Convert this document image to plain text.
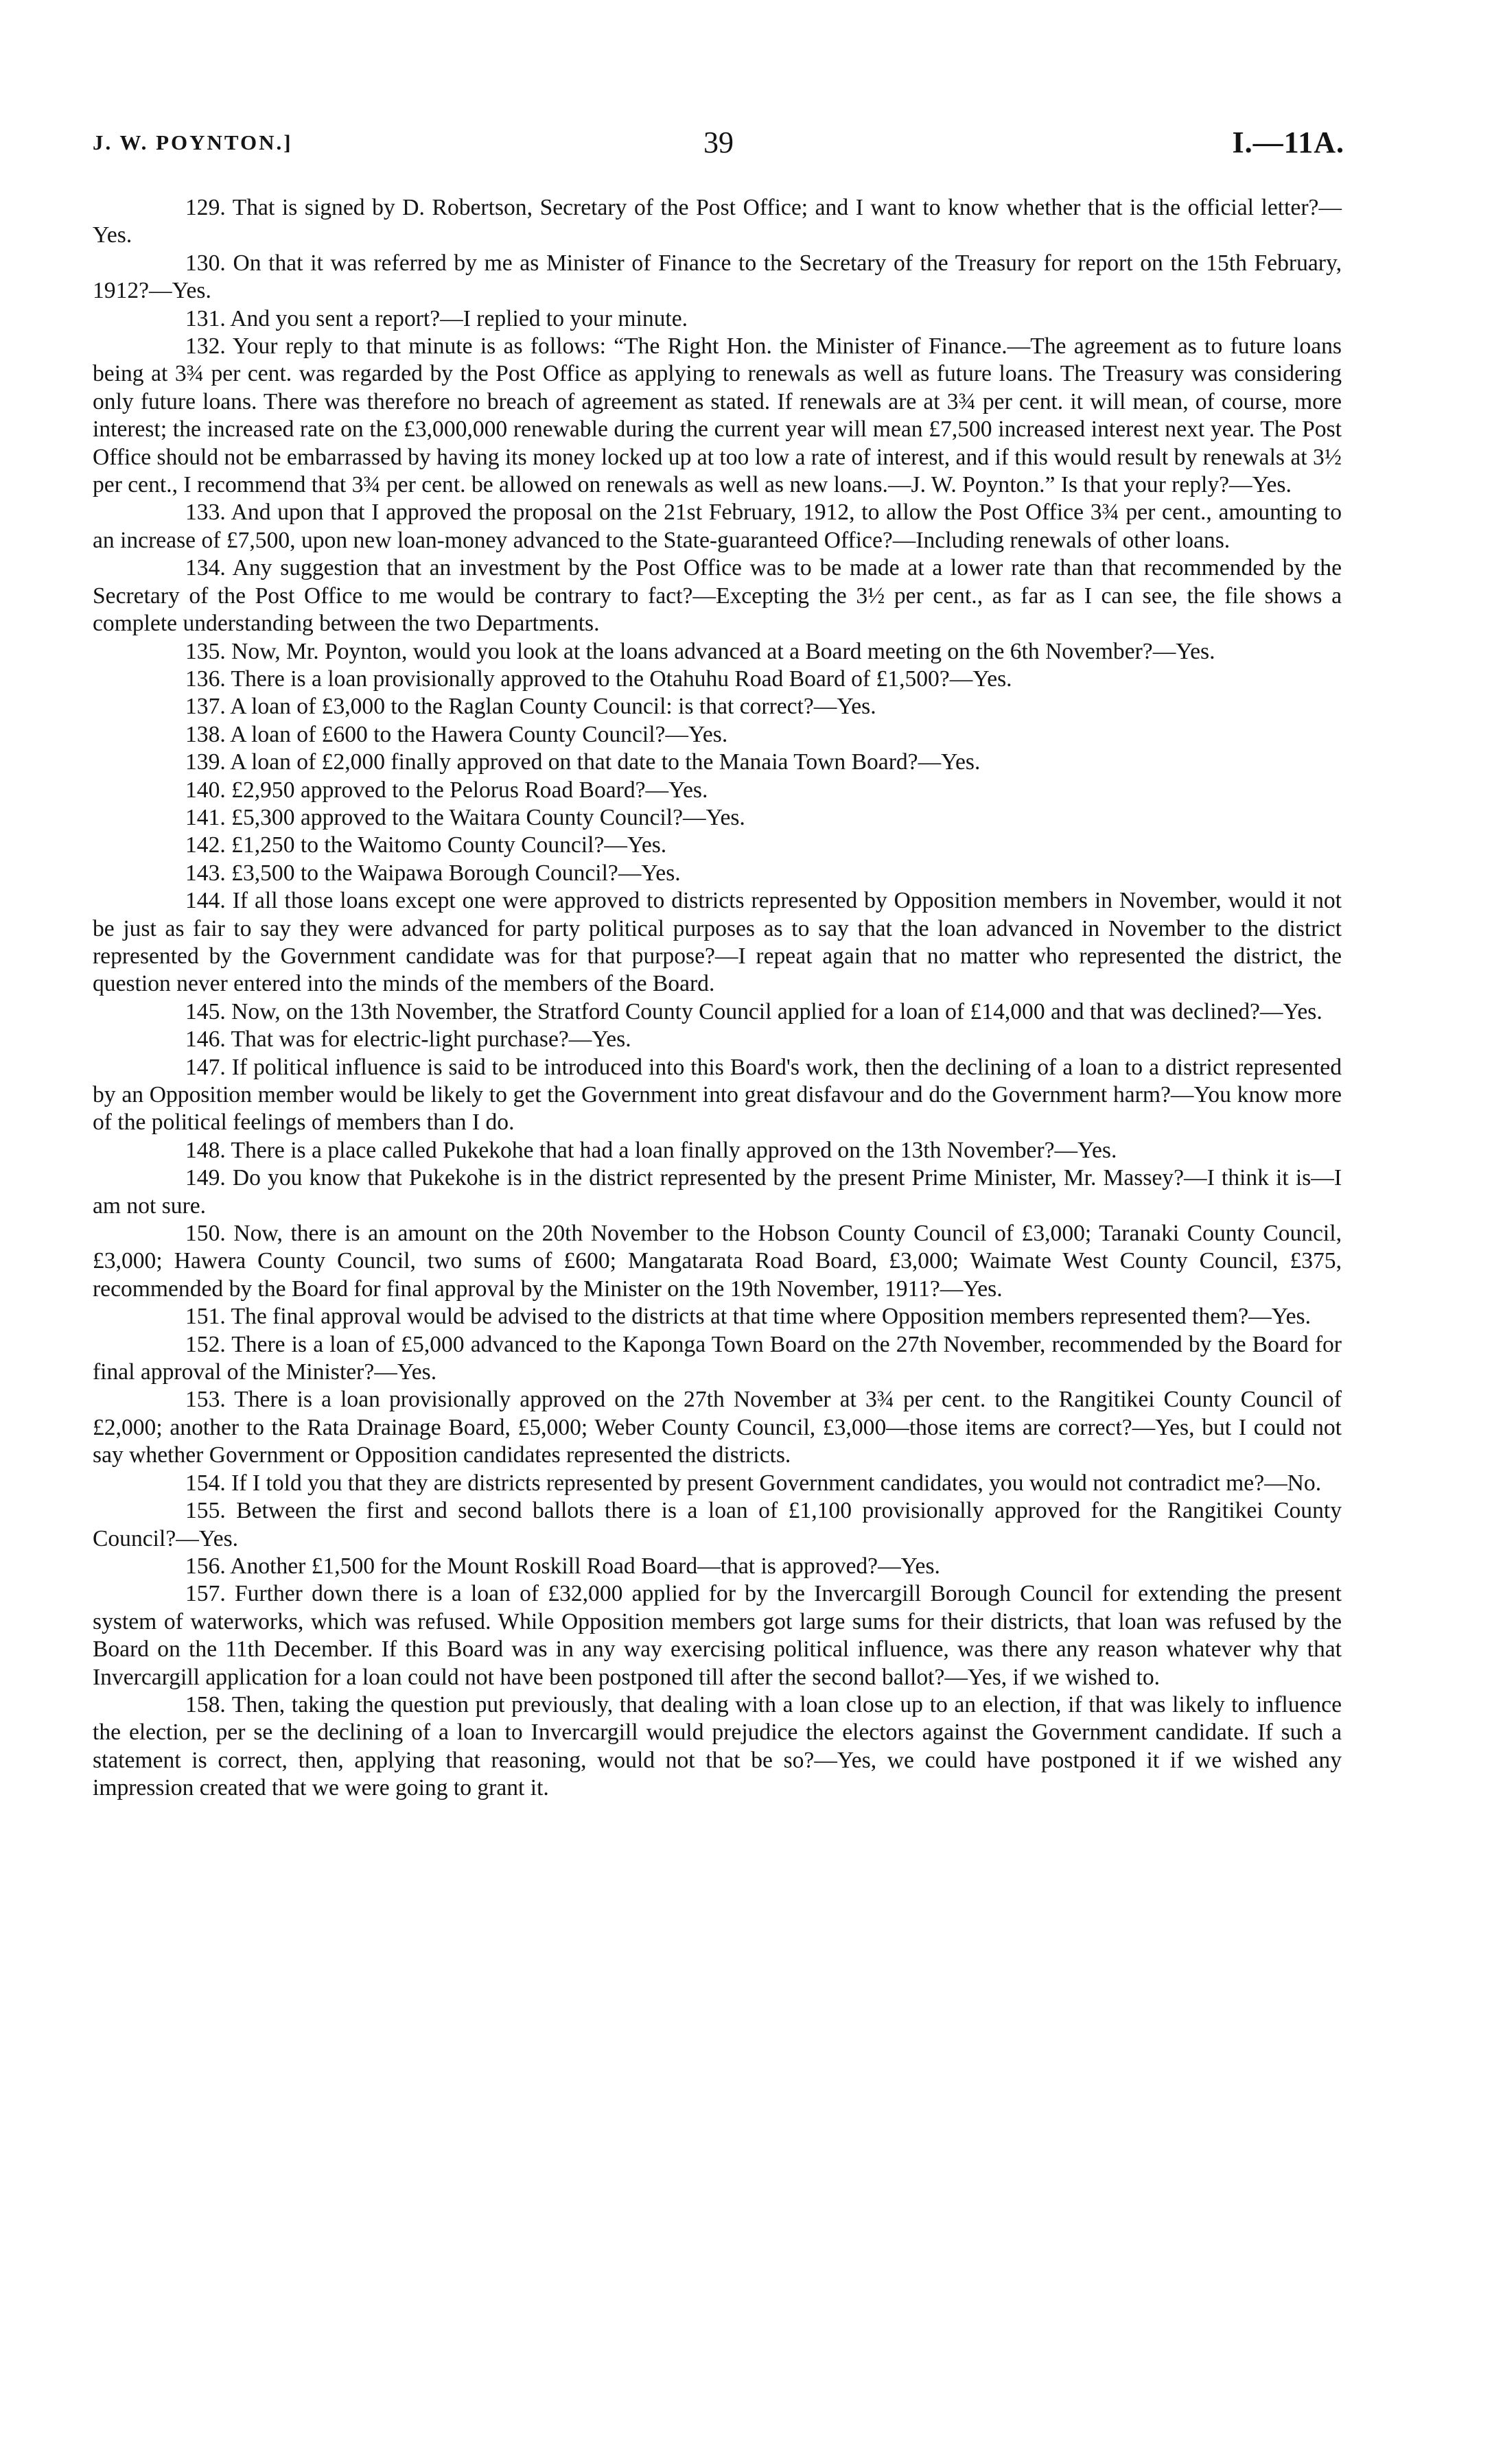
J. W. POYNTON.]	39	I.—11A.

129. That is signed by D. Robertson, Secretary of the Post Office; and I want to know whether that is the official letter?—Yes.

130. On that it was referred by me as Minister of Finance to the Secretary of the Treasury for report on the 15th February, 1912?—Yes.

131. And you sent a report?—I replied to your minute.

132. Your reply to that minute is as follows: “The Right Hon. the Minister of Finance.—The agreement as to future loans being at 3¾ per cent. was regarded by the Post Office as applying to renewals as well as future loans. The Treasury was considering only future loans. There was therefore no breach of agreement as stated. If renewals are at 3¾ per cent. it will mean, of course, more interest; the increased rate on the £3,000,000 renewable during the current year will mean £7,500 increased interest next year. The Post Office should not be embarrassed by having its money locked up at too low a rate of interest, and if this would result by renewals at 3½ per cent., I recommend that 3¾ per cent. be allowed on renewals as well as new loans.—J. W. Poynton.” Is that your reply?—Yes.

133. And upon that I approved the proposal on the 21st February, 1912, to allow the Post Office 3¾ per cent., amounting to an increase of £7,500, upon new loan-money advanced to the State-guaranteed Office?—Including renewals of other loans.

134. Any suggestion that an investment by the Post Office was to be made at a lower rate than that recommended by the Secretary of the Post Office to me would be contrary to fact?—Excepting the 3½ per cent., as far as I can see, the file shows a complete understanding between the two Departments.

135. Now, Mr. Poynton, would you look at the loans advanced at a Board meeting on the 6th November?—Yes.

136. There is a loan provisionally approved to the Otahuhu Road Board of £1,500?—Yes.

137. A loan of £3,000 to the Raglan County Council: is that correct?—Yes.

138. A loan of £600 to the Hawera County Council?—Yes.

139. A loan of £2,000 finally approved on that date to the Manaia Town Board?—Yes.

140. £2,950 approved to the Pelorus Road Board?—Yes.

141. £5,300 approved to the Waitara County Council?—Yes.

142. £1,250 to the Waitomo County Council?—Yes.

143. £3,500 to the Waipawa Borough Council?—Yes.

144. If all those loans except one were approved to districts represented by Opposition members in November, would it not be just as fair to say they were advanced for party political purposes as to say that the loan advanced in November to the district represented by the Government candidate was for that purpose?—I repeat again that no matter who represented the district, the question never entered into the minds of the members of the Board.

145. Now, on the 13th November, the Stratford County Council applied for a loan of £14,000 and that was declined?—Yes.

146. That was for electric-light purchase?—Yes.

147. If political influence is said to be introduced into this Board's work, then the declining of a loan to a district represented by an Opposition member would be likely to get the Government into great disfavour and do the Government harm?—You know more of the political feelings of members than I do.

148. There is a place called Pukekohe that had a loan finally approved on the 13th November?—Yes.

149. Do you know that Pukekohe is in the district represented by the present Prime Minister, Mr. Massey?—I think it is—I am not sure.

150. Now, there is an amount on the 20th November to the Hobson County Council of £3,000; Taranaki County Council, £3,000; Hawera County Council, two sums of £600; Mangatarata Road Board, £3,000; Waimate West County Council, £375, recommended by the Board for final approval by the Minister on the 19th November, 1911?—Yes.

151. The final approval would be advised to the districts at that time where Opposition members represented them?—Yes.

152. There is a loan of £5,000 advanced to the Kaponga Town Board on the 27th November, recommended by the Board for final approval of the Minister?—Yes.

153. There is a loan provisionally approved on the 27th November at 3¾ per cent. to the Rangitikei County Council of £2,000; another to the Rata Drainage Board, £5,000; Weber County Council, £3,000—those items are correct?—Yes, but I could not say whether Government or Opposition candidates represented the districts.

154. If I told you that they are districts represented by present Government candidates, you would not contradict me?—No.

155. Between the first and second ballots there is a loan of £1,100 provisionally approved for the Rangitikei County Council?—Yes.

156. Another £1,500 for the Mount Roskill Road Board—that is approved?—Yes.

157. Further down there is a loan of £32,000 applied for by the Invercargill Borough Council for extending the present system of waterworks, which was refused. While Opposition members got large sums for their districts, that loan was refused by the Board on the 11th December. If this Board was in any way exercising political influence, was there any reason whatever why that Invercargill application for a loan could not have been postponed till after the second ballot?—Yes, if we wished to.

158. Then, taking the question put previously, that dealing with a loan close up to an election, if that was likely to influence the election, per se the declining of a loan to Invercargill would prejudice the electors against the Government candidate. If such a statement is correct, then, applying that reasoning, would not that be so?—Yes, we could have postponed it if we wished any impression created that we were going to grant it.
